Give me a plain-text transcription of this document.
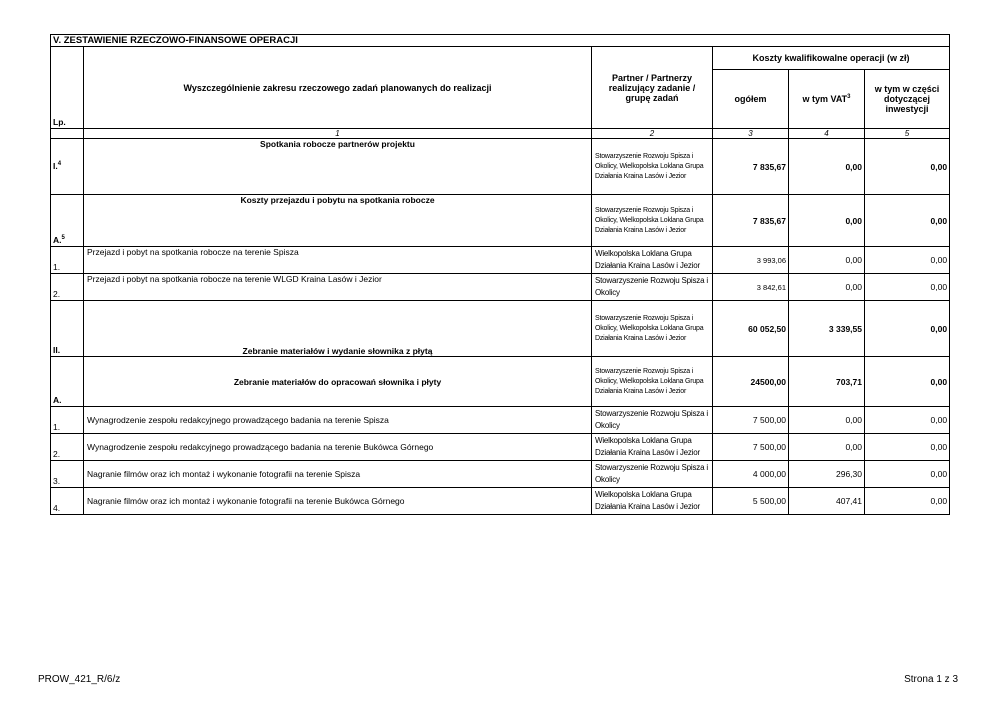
V. ZESTAWIENIE RZECZOWO-FINANSOWE OPERACJI					
Lp.	Wyszczególnienie zakresu rzeczowego zadań planowanych do realizacji	Partner / Partnerzy realizujący zadanie / grupę zadań	Koszty kwalifikowalne operacji (w zł)		
			ogółem	w tym VAT$^3$	w tym w części dotyczącej inwestycji
	1	2	3	4	5
I.$^4$	Spotkania robocze partnerów projektu	Stowarzyszenie Rozwoju Spisza i Okolicy, Wielkopolska Loklana Grupa Działania Kraina Lasów i Jezior	7 835,67	0,00	0,00
A.$^5$	Koszty przejazdu i pobytu na spotkania robocze	Stowarzyszenie Rozwoju Spisza i Okolicy, Wielkopolska Loklana Grupa Działania Kraina Lasów i Jezior	7 835,67	0,00	0,00
1.	Przejazd i pobyt na spotkania robocze na terenie Spisza	Wielkopolska Loklana Grupa Działania Kraina Lasów i Jezior	3 993,06	0,00	0,00
2.	Przejazd i pobyt na spotkania robocze na terenie WLGD Kraina Lasów i Jezior	Stowarzyszenie Rozwoju Spisza i Okolicy	3 842,61	0,00	0,00
II.	Zebranie materiałów i wydanie słownika z płytą	Stowarzyszenie Rozwoju Spisza i Okolicy, Wielkopolska Loklana Grupa Działania Kraina Lasów i Jezior	60 052,50	3 339,55	0,00
A.	Zebranie materiałów do opracowań słownika i płyty	Stowarzyszenie Rozwoju Spisza i Okolicy, Wielkopolska Loklana Grupa Działania Kraina Lasów i Jezior	24500,00	703,71	0,00
1.	Wynagrodzenie zespołu redakcyjnego prowadzącego badania na terenie Spisza	Stowarzyszenie Rozwoju Spisza i Okolicy	7 500,00	0,00	0,00
2.	Wynagrodzenie zespołu redakcyjnego prowadzącego badania na terenie Bukówca Górnego	Wielkopolska Loklana Grupa Działania Kraina Lasów i Jezior	7 500,00	0,00	0,00
3.	Nagranie filmów oraz ich montaż i wykonanie fotografii na terenie Spisza	Stowarzyszenie Rozwoju Spisza i Okolicy	4 000,00	296,30	0,00
4.	Nagranie filmów oraz ich montaż i wykonanie fotografii na terenie Bukówca Górnego	Wielkopolska Loklana Grupa Działania Kraina Lasów i Jezior	5 500,00	407,41	0,00
PROW_421_R/6/z	Strona 1 z 3
